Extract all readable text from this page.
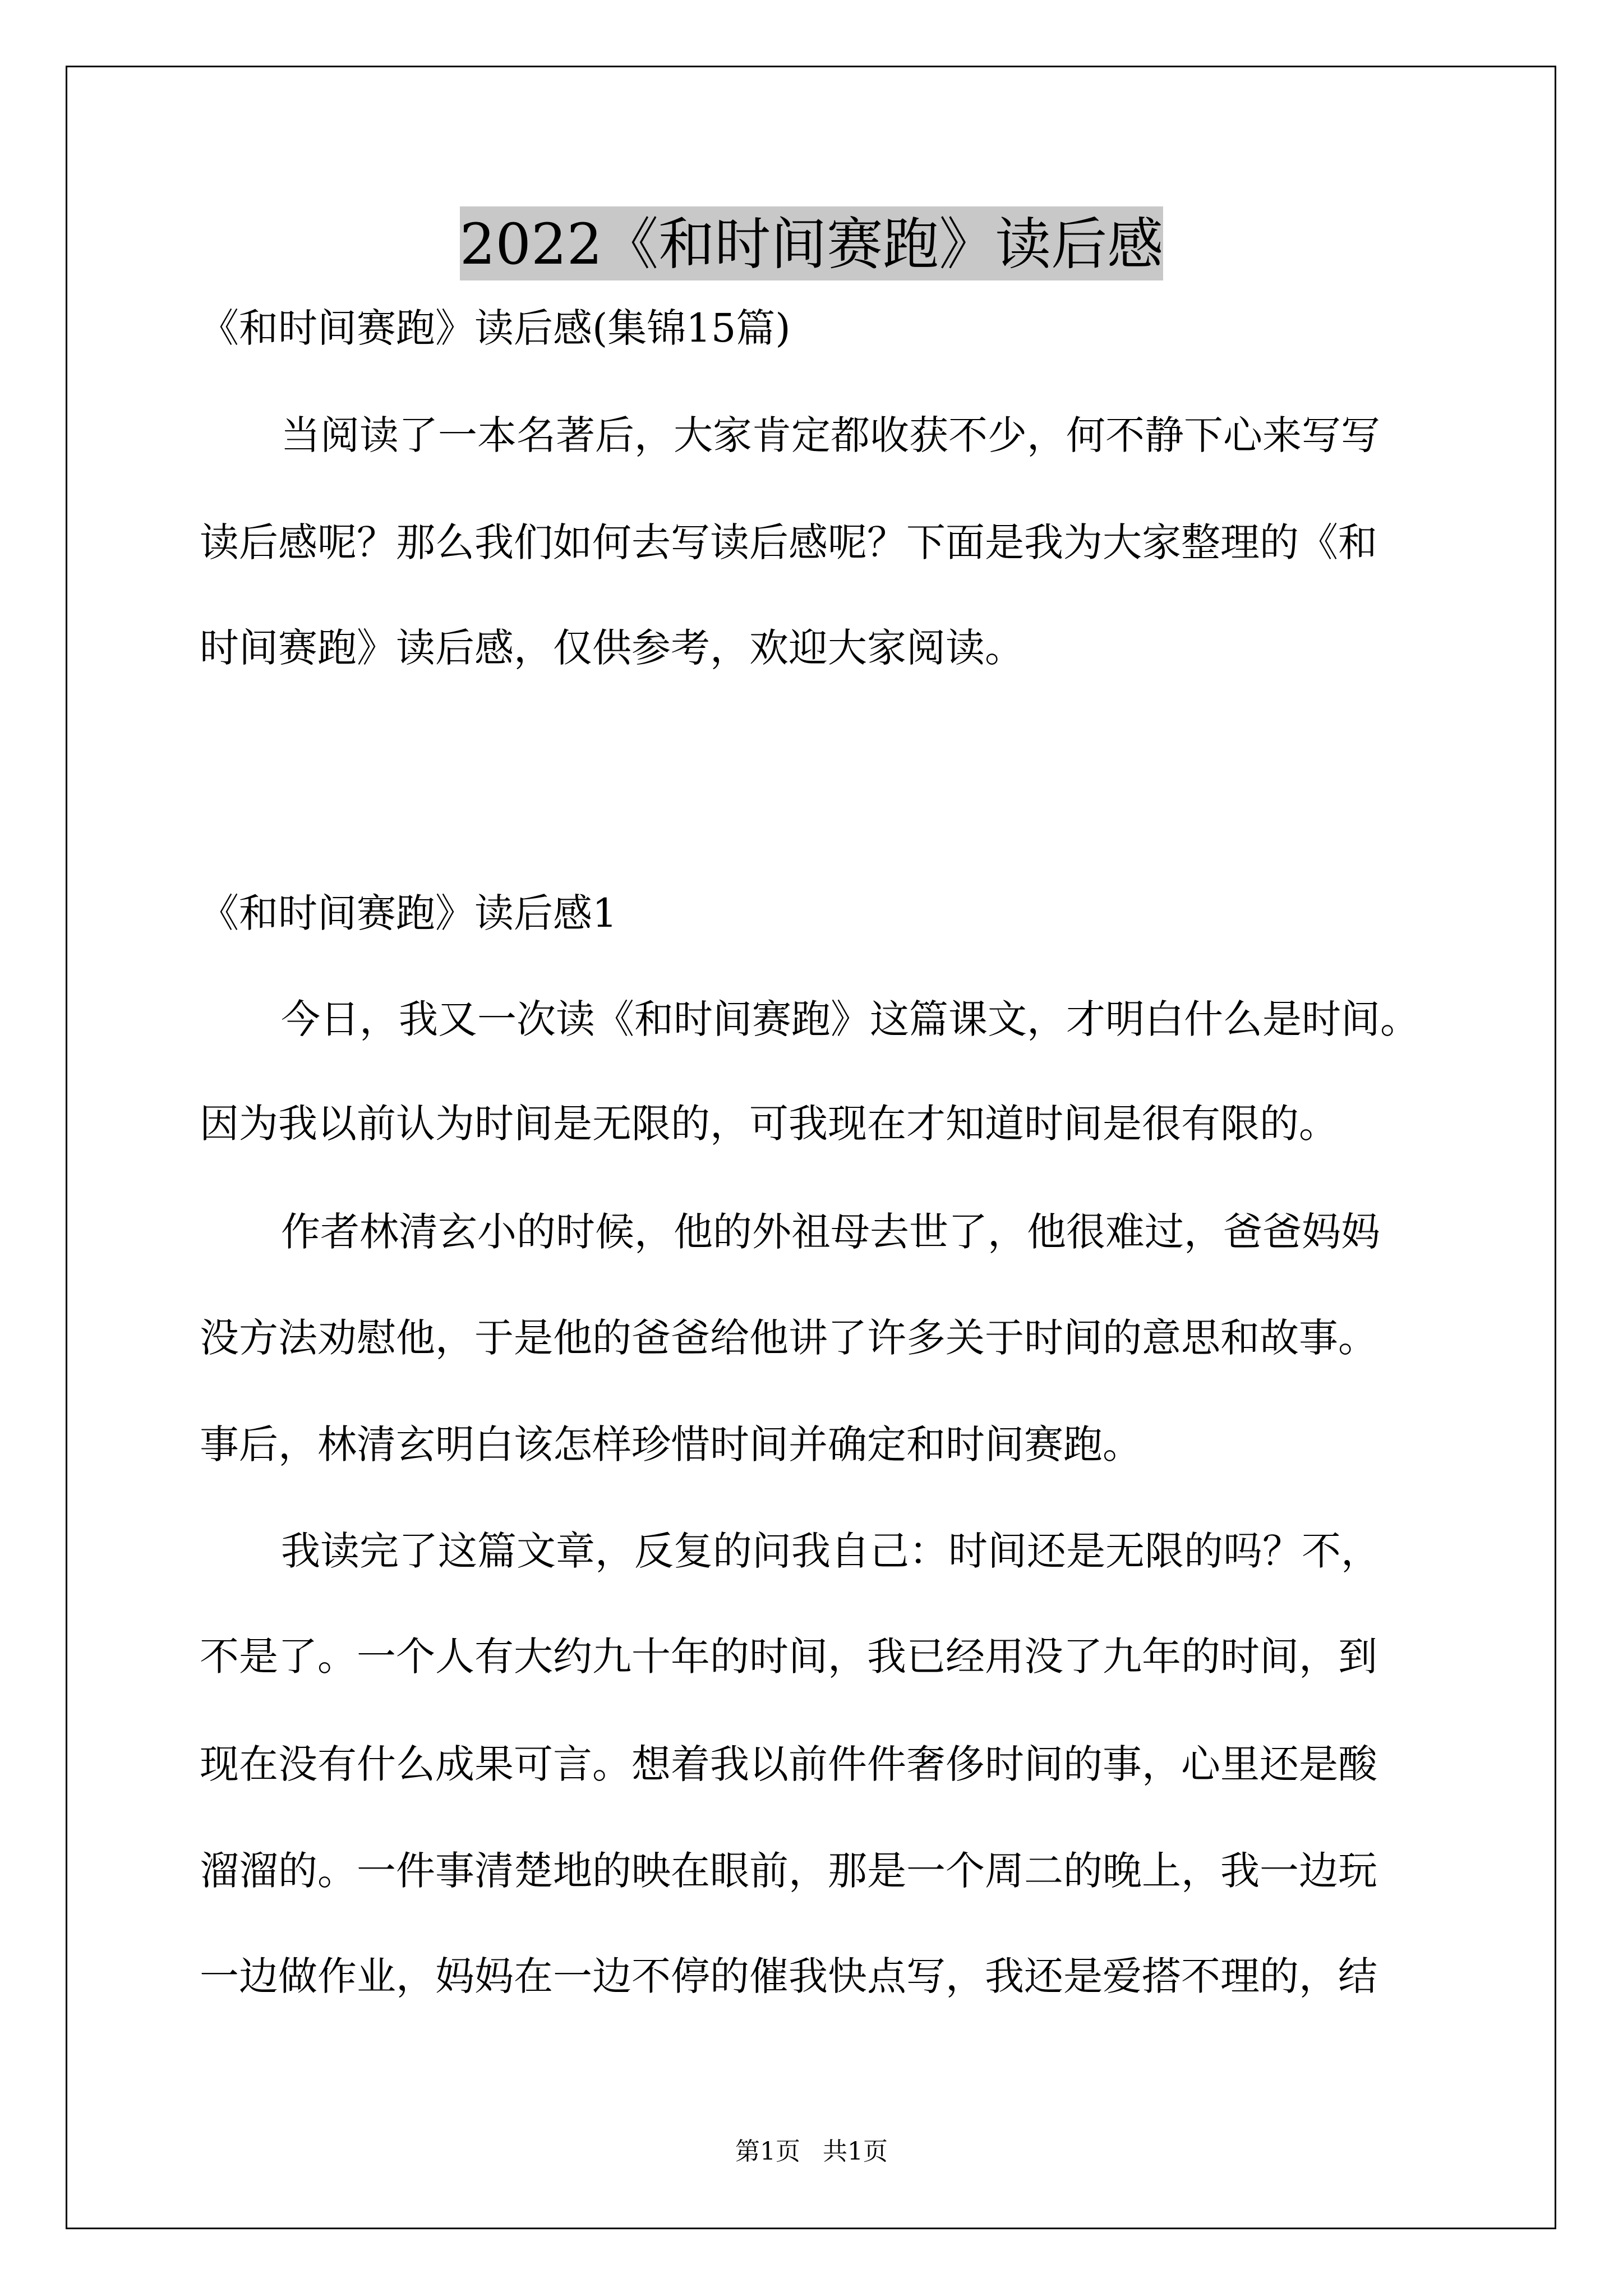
2022《和时间赛跑》读后感
《和时间赛跑》读后感(集锦15篇)
当阅读了一本名著后，大家肯定都收获不少，何不静下心来写写
读后感呢？那么我们如何去写读后感呢？下面是我为大家整理的《和
时间赛跑》读后感，仅供参考，欢迎大家阅读。
《和时间赛跑》读后感1
今日，我又一次读《和时间赛跑》这篇课文，才明白什么是时间。
因为我以前认为时间是无限的，可我现在才知道时间是很有限的。
作者林清玄小的时候，他的外祖母去世了，他很难过，爸爸妈妈
没方法劝慰他，于是他的爸爸给他讲了许多关于时间的意思和故事。
事后，林清玄明白该怎样珍惜时间并确定和时间赛跑。
我读完了这篇文章，反复的问我自己：时间还是无限的吗？不，
不是了。一个人有大约九十年的时间，我已经用没了九年的时间，到
现在没有什么成果可言。想着我以前件件奢侈时间的事，心里还是酸
溜溜的。一件事清楚地的映在眼前，那是一个周二的晚上，我一边玩
一边做作业，妈妈在一边不停的催我快点写，我还是爱搭不理的，结
第1页 共1页
